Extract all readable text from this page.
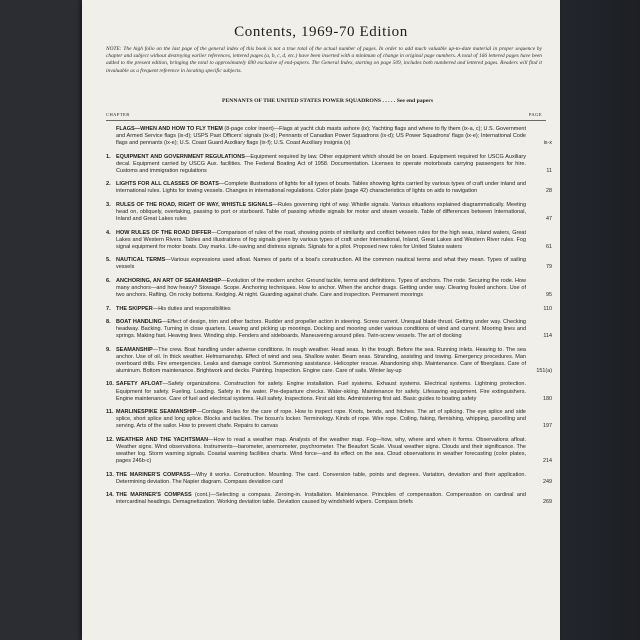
Contents, 1969-70 Edition
NOTE: The high folio on the last page of the general index of this book is not a true total of the actual number of pages. In order to add much valuable up-to-date material in proper sequence by chapter and subject without destroying earlier references, lettered pages (a, b, c, d, etc.) have been inserted with a minimum of change in original page numbers. A total of 166 lettered pages have been added to the present edition, bringing the total to approximately 690 exclusive of end-papers. The General Index, starting on page 509, includes both numbered and lettered pages. Readers will find it invaluable as a frequent reference in locating specific subjects.
PENNANTS OF THE UNITED STATES POWER SQUADRONS . . . . . See end papers
CHAPTER	PAGE
FLAGS—WHEN AND HOW TO FLY THEM (8-page color insert)—Flags at yacht club masts ashore (ix); Yachting flags and where to fly them (ix-a, c); U.S. Government and Armed Service flags (ix-d); USPS Past Officers' signals (ix-d); Pennants of Canadian Power Squadrons (ix-d); US Power Squadrons' flags (ix-e); International Code flags and pennants (ix-e); U.S. Coast Guard Auxiliary flags (ix-f); U.S. Coast Auxiliary insignia (x)	ix-x
1. EQUIPMENT AND GOVERNMENT REGULATIONS—Equipment required by law. Other equipment which should be on board. Equipment required for USCG Auxiliary decal. Equipment carried by USCG Aux. facilities. The Federal Boating Act of 1958. Documentation. Licenses to operate motorboats carrying passengers for hire. Customs and immigration regulations	11
2. LIGHTS FOR ALL CLASSES OF BOATS—Complete illustrations of lights for all types of boats. Tables showing lights carried by various types of craft under inland and international rules. Lights for towing vessels. Changes in international regulations. Color plate (page 42) characteristics of lights on aids to navigation	28
3. RULES OF THE ROAD, RIGHT OF WAY, WHISTLE SIGNALS—Rules governing right of way. Whistle signals. Various situations explained diagrammatically. Meeting head on, obliquely, overtaking, passing to port or starboard. Table of passing whistle signals for motor and steam vessels. Table of differences between International, Inland and Great Lakes rules	47
4. HOW RULES OF THE ROAD DIFFER—Comparison of rules of the road, showing points of similarity and conflict between rules for the high seas, inland waters, Great Lakes and Western Rivers. Tables and illustrations of fog signals given by various types of craft under International, Inland, Great Lakes and Western River rules. Fog signal equipment for motor boats. Day marks. Life-saving and distress signals. Signals for a pilot. Proposed new rules for United States waters	61
5. NAUTICAL TERMS—Various expressions used afloat. Names of parts of a boat's construction. All the common nautical terms and what they mean. Types of sailing vessels	79
6. ANCHORING, AN ART OF SEAMANSHIP—Evolution of the modern anchor. Ground tackle, terms and definitions. Types of anchors. The rode. Securing the rode. How many anchors—and how heavy? Stowage. Scope. Anchoring techniques. How to anchor. When the anchor drags. Getting under way. Clearing fouled anchors. Use of two anchors. Rafting. On rocky bottoms. Kedging. At night. Guarding against chafe. Care and inspection. Permanent moorings	95
7. THE SKIPPER—His duties and responsibilities	110
8. BOAT HANDLING—Effect of design, trim and other factors. Rudder and propeller action in steering. Screw current. Unequal blade thrust. Getting under way. Checking headway. Backing. Turning in close quarters. Leaving and picking up moorings. Docking and mooring under various conditions of wind and current. Mooring lines and springs. Making fast. Heaving lines. Winding ship. Fenders and sideboards. Maneuvering around piles. Twin-screw vessels. The art of docking	114
9. SEAMANSHIP—The crew. Boat handling under adverse conditions. In rough weather. Head seas. In the trough. Before the sea. Running inlets. Heaving to. The sea anchor. Use of oil. In thick weather. Helmsmanship. Effect of wind and sea. Shallow water. Beam seas. Stranding, assisting and towing. Emergency procedures. Man overboard drills. Fire emergencies. Leaks and damage control. Summoning assistance. Helicopter rescue. Abandoning ship. Maintenance. Care of fiberglass. Care of aluminum. Bottom maintenance. Brightwork and decks. Painting. Inspection. Engine care. Care of sails. Winter lay-up	151(a)
10. SAFETY AFLOAT—Safety organizations. Construction for safety. Engine installation. Fuel systems. Exhaust systems. Electrical systems. Lightning protection. Equipment for safety. Fueling. Loading. Safety in the water. Pre-departure checks. Water-skiing. Maintenance for safety. Lifesaving equipment. Fire extinguishers. Engine maintenance. Care of fuel and electrical systems. Hull safety. Inspections. First aid kits. Administering first aid. Basic guides to boating safety	180
11. MARLINESPIKE SEAMANSHIP—Cordage. Rules for the care of rope. How to inspect rope. Knots, bends, and hitches. The art of splicing. The eye splice and side splice, short splice and long splice. Blocks and tackles. The bosun's locker. Terminology. Kinds of rope. Wire rope. Coiling, faking, flemishing, whipping, parcelling and serving. Arts of the sailor. How to prevent chafe. Repairs to canvas	197
12. WEATHER AND THE YACHTSMAN—How to read a weather map. Analysis of the weather map. Fog—how, why, where and when it forms. Observations afloat. Weather signs. Wind observations. Instruments—barometer, anemometer, psychrometer. The Beaufort Scale. Visual weather signs. Clouds and their significance. The weather log. Storm warning signals. Coastal warning facilities charts. Wind force—and its effect on the sea. Cloud observations in weather forecasting (color plates, pages 246b-c)	214
13. THE MARINER'S COMPASS—Why it works. Construction. Mounting. The card. Conversion table, points and degrees. Variation, deviation and their application. Determining deviation. The Napier diagram. Compass deviation card	249
14. THE MARINER'S COMPASS (cont.)—Selecting a compass. Zeroing-in. Installation. Maintenance. Principles of compensation. Compensation on cardinal and intercardinal headings. Demagnetization. Working deviation table. Deviation caused by windshield wipers. Compass briefs	269
